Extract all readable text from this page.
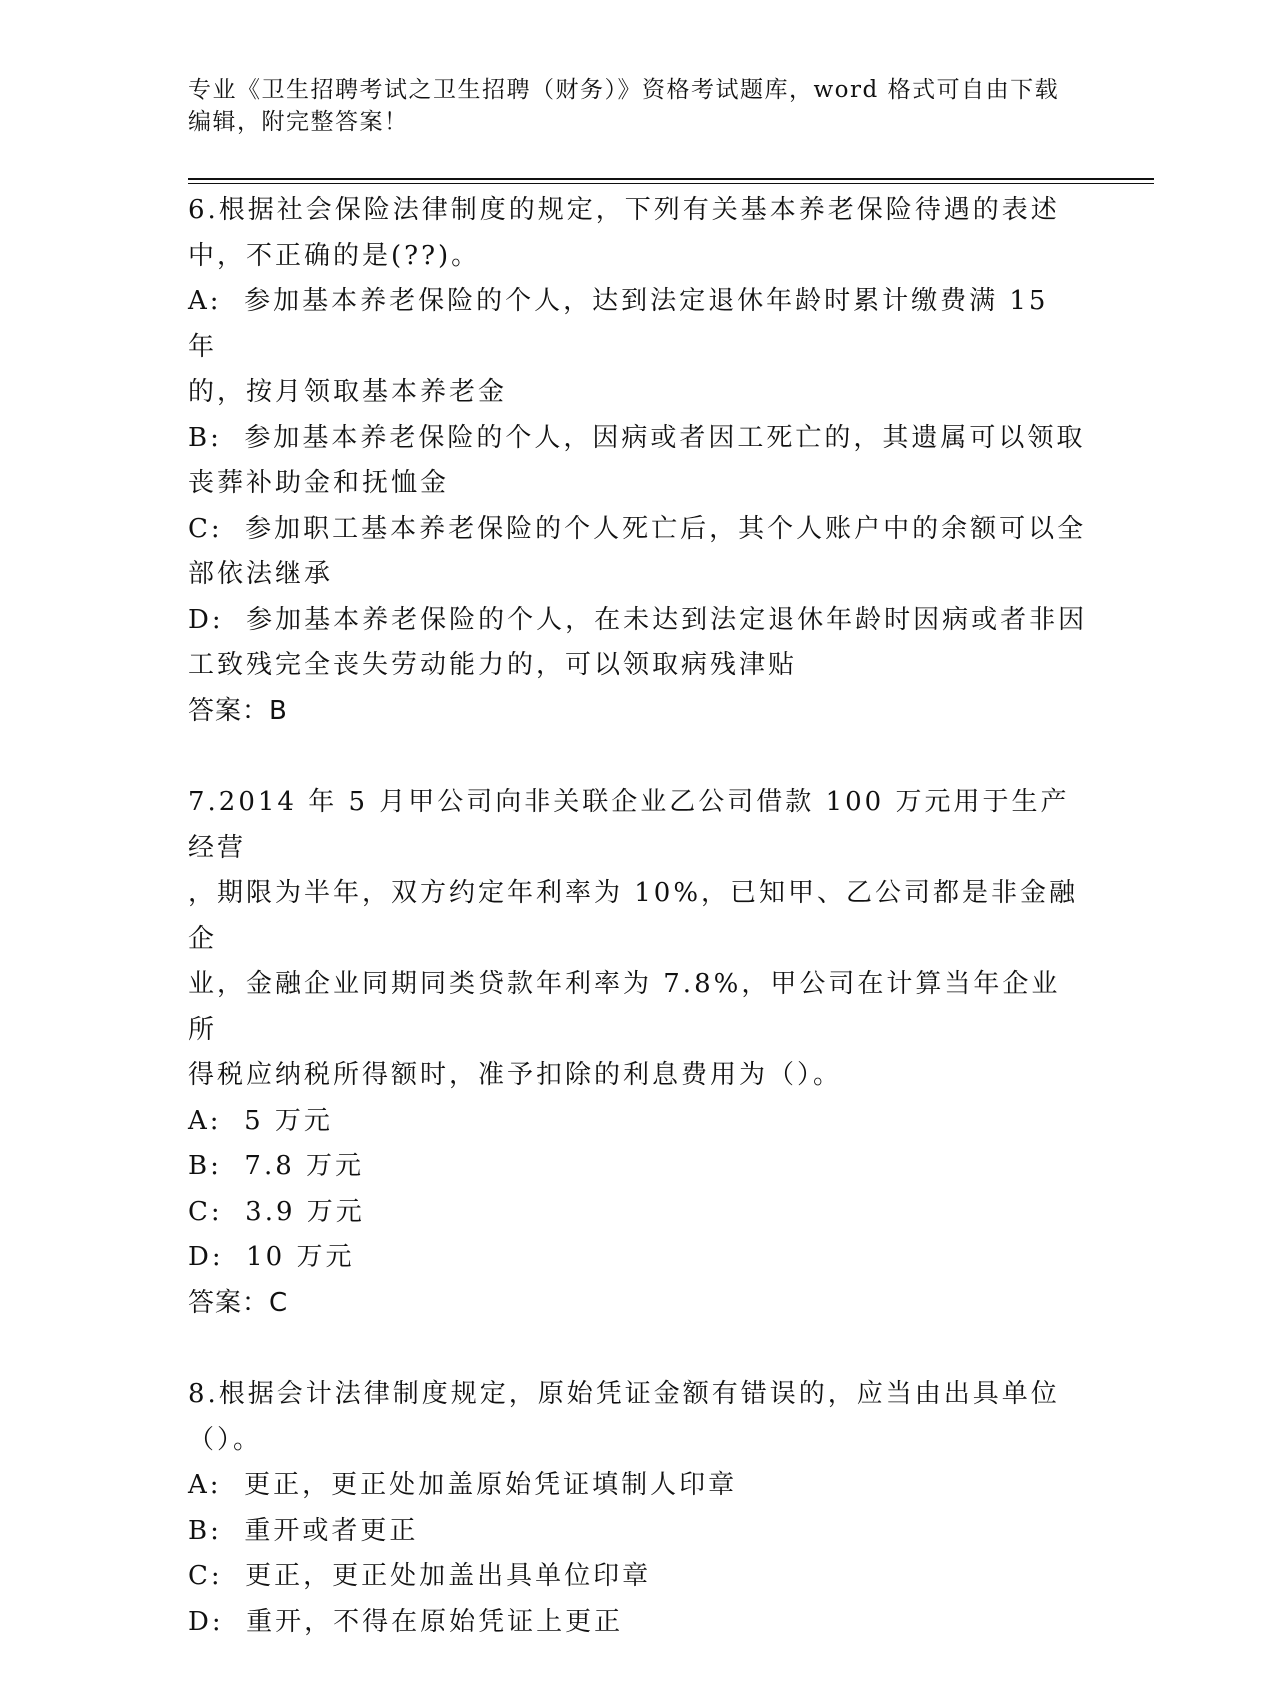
专业《卫生招聘考试之卫生招聘（财务）》资格考试题库，word 格式可自由下载
编辑，附完整答案！
6.根据社会保险法律制度的规定，下列有关基本养老保险待遇的表述
中，不正确的是(??)。
A:  参加基本养老保险的个人，达到法定退休年龄时累计缴费满 15 年
的，按月领取基本养老金
B:  参加基本养老保险的个人，因病或者因工死亡的，其遗属可以领取
丧葬补助金和抚恤金
C:  参加职工基本养老保险的个人死亡后，其个人账户中的余额可以全
部依法继承
D:  参加基本养老保险的个人，在未达到法定退休年龄时因病或者非因
工致残完全丧失劳动能力的，可以领取病残津贴
答案：B
7.2014 年 5 月甲公司向非关联企业乙公司借款 100 万元用于生产经营
，期限为半年，双方约定年利率为 10%，已知甲、乙公司都是非金融企
业，金融企业同期同类贷款年利率为 7.8%，甲公司在计算当年企业所
得税应纳税所得额时，准予扣除的利息费用为（）。
A:  5 万元
B:  7.8 万元
C:  3.9 万元
D:  10 万元
答案：C
8.根据会计法律制度规定，原始凭证金额有错误的，应当由出具单位
（）。
A:  更正，更正处加盖原始凭证填制人印章
B:  重开或者更正
C:  更正，更正处加盖出具单位印章
D:  重开，不得在原始凭证上更正
